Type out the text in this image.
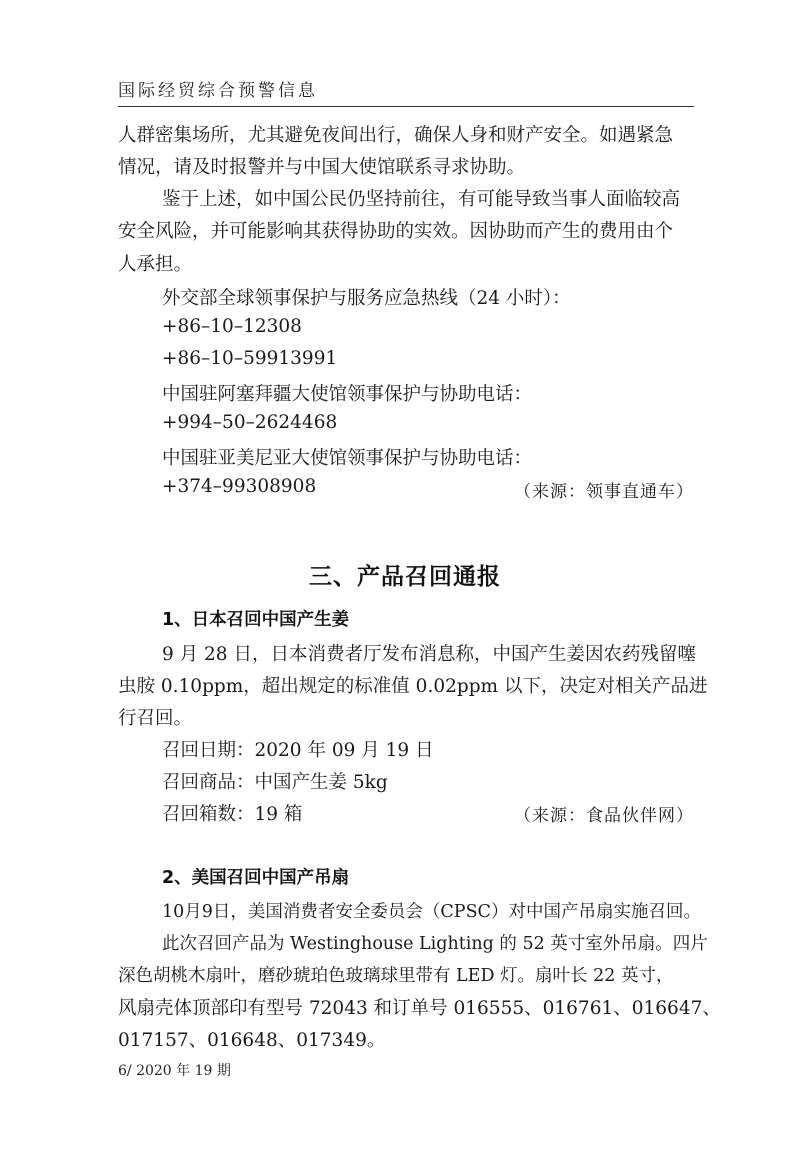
国际经贸综合预警信息
人群密集场所，尤其避免夜间出行，确保人身和财产安全。如遇紧急
情况，请及时报警并与中国大使馆联系寻求协助。
鉴于上述，如中国公民仍坚持前往，有可能导致当事人面临较高
安全风险，并可能影响其获得协助的实效。因协助而产生的费用由个
人承担。
外交部全球领事保护与服务应急热线（24 小时）：
+86–10–12308
+86–10–59913991
中国驻阿塞拜疆大使馆领事保护与协助电话：
+994–50–2624468
中国驻亚美尼亚大使馆领事保护与协助电话：
+374–99308908	（来源：领事直通车）
三、产品召回通报
1、日本召回中国产生姜
9 月 28 日，日本消费者厅发布消息称，中国产生姜因农药残留噻
虫胺 0.10ppm，超出规定的标准值 0.02ppm 以下，决定对相关产品进
行召回。
召回日期：2020 年 09 月 19 日
召回商品：中国产生姜 5kg
召回箱数：19 箱	（来源：食品伙伴网）
2、美国召回中国产吊扇
10月9日，美国消费者安全委员会（CPSC）对中国产吊扇实施召回。
此次召回产品为 Westinghouse Lighting 的 52 英寸室外吊扇。四片
深色胡桃木扇叶，磨砂琥珀色玻璃球里带有 LED 灯。扇叶长 22 英寸，
风扇壳体顶部印有型号 72043 和订单号 016555、016761、016647、
017157、016648、017349。
6/ 2020 年 19 期
